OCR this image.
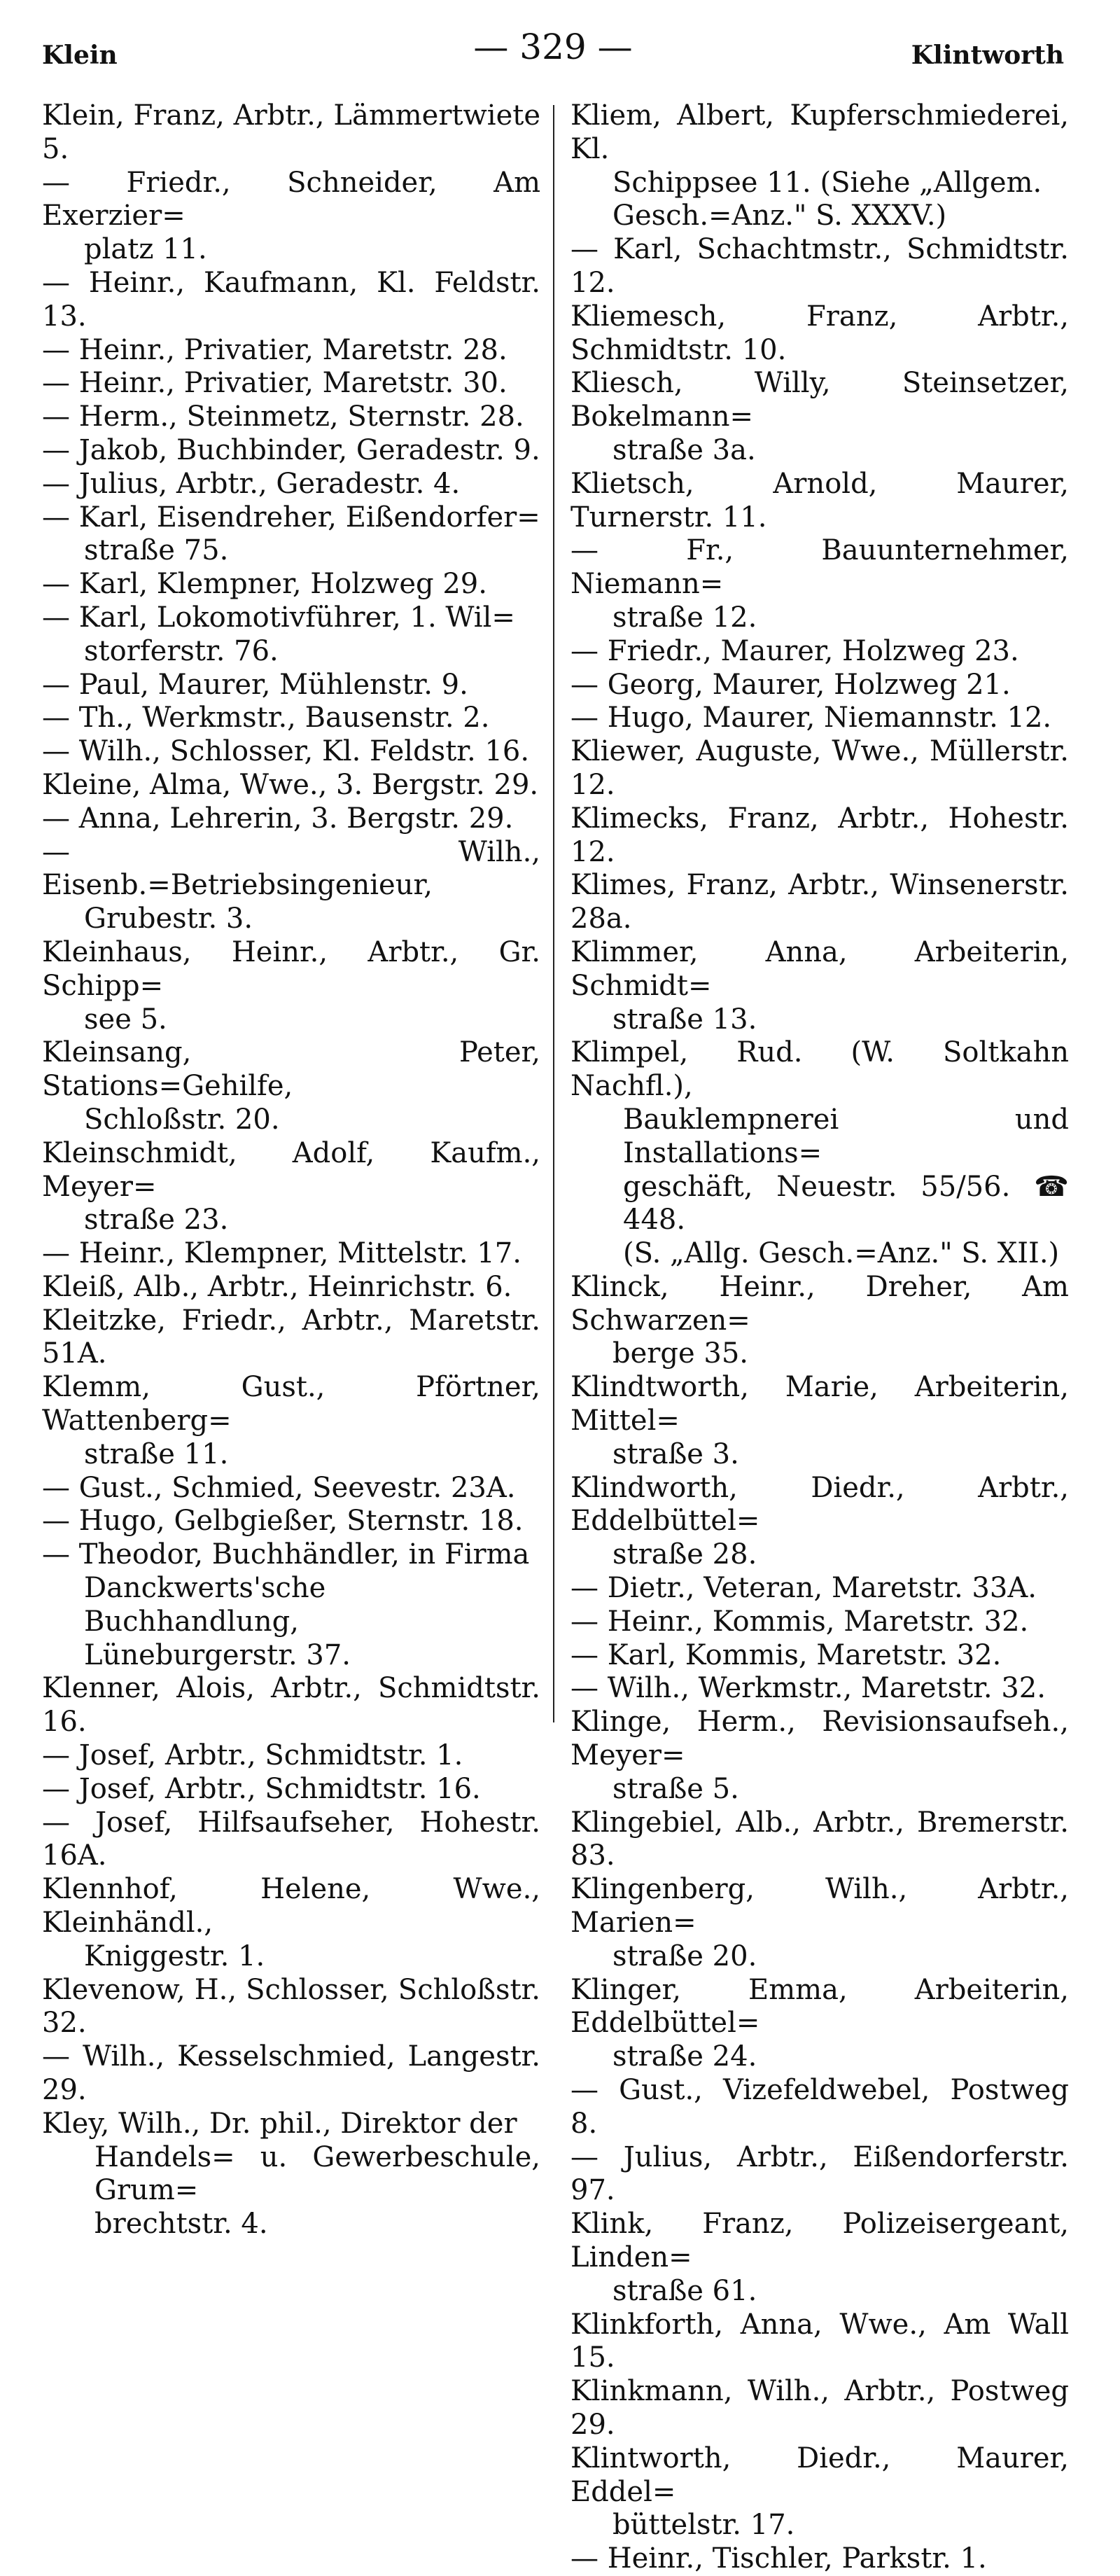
Klein	— 329 —	Klintworth
Klein, Franz, Arbtr., Lämmertwiete 5.
— Friedr., Schneider, Am Exerzier=
platz 11.
— Heinr., Kaufmann, Kl. Feldstr. 13.
— Heinr., Privatier, Maretstr. 28.
— Heinr., Privatier, Maretstr. 30.
— Herm., Steinmetz, Sternstr. 28.
— Jakob, Buchbinder, Geradestr. 9.
— Julius, Arbtr., Geradestr. 4.
— Karl, Eisendreher, Eißendorfer=
straße 75.
— Karl, Klempner, Holzweg 29.
— Karl, Lokomotivführer, 1. Wil=
storferstr. 76.
— Paul, Maurer, Mühlenstr. 9.
— Th., Werkmstr., Bausenstr. 2.
— Wilh., Schlosser, Kl. Feldstr. 16.
Kleine, Alma, Wwe., 3. Bergstr. 29.
— Anna, Lehrerin, 3. Bergstr. 29.
— Wilh., Eisenb.=Betriebsingenieur,
Grubestr. 3.
Kleinhaus, Heinr., Arbtr., Gr. Schipp=
see 5.
Kleinsang, Peter, Stations=Gehilfe,
Schloßstr. 20.
Kleinschmidt, Adolf, Kaufm., Meyer=
straße 23.
— Heinr., Klempner, Mittelstr. 17.
Kleiß, Alb., Arbtr., Heinrichstr. 6.
Kleitzke, Friedr., Arbtr., Maretstr. 51A.
Klemm, Gust., Pförtner, Wattenberg=
straße 11.
— Gust., Schmied, Seevestr. 23A.
— Hugo, Gelbgießer, Sternstr. 18.
— Theodor, Buchhändler, in Firma
Danckwerts'sche Buchhandlung,
Lüneburgerstr. 37.
Klenner, Alois, Arbtr., Schmidtstr. 16.
— Josef, Arbtr., Schmidtstr. 1.
— Josef, Arbtr., Schmidtstr. 16.
— Josef, Hilfsaufseher, Hohestr. 16A.
Klennhof, Helene, Wwe., Kleinhändl.,
Kniggestr. 1.
Klevenow, H., Schlosser, Schloßstr. 32.
— Wilh., Kesselschmied, Langestr. 29.
Kley, Wilh., Dr. phil., Direktor der
Handels= u. Gewerbeschule, Grum=
brechtstr. 4.
Kliem, Albert, Kupferschmiederei, Kl.
Schippsee 11. (Siehe „Allgem.
Gesch.=Anz." S. XXXV.)
— Karl, Schachtmstr., Schmidtstr. 12.
Kliemesch, Franz, Arbtr., Schmidtstr. 10.
Kliesch, Willy, Steinsetzer, Bokelmann=
straße 3a.
Klietsch, Arnold, Maurer, Turnerstr. 11.
— Fr., Bauunternehmer, Niemann=
straße 12.
— Friedr., Maurer, Holzweg 23.
— Georg, Maurer, Holzweg 21.
— Hugo, Maurer, Niemannstr. 12.
Kliewer, Auguste, Wwe., Müllerstr. 12.
Klimecks, Franz, Arbtr., Hohestr. 12.
Klimes, Franz, Arbtr., Winsenerstr. 28a.
Klimmer, Anna, Arbeiterin, Schmidt=
straße 13.
Klimpel, Rud. (W. Soltkahn Nachfl.),
Bauklempnerei und Installations=
geschäft, Neuestr. 55/56. ☎ 448.
(S. „Allg. Gesch.=Anz." S. XII.)
Klinck, Heinr., Dreher, Am Schwarzen=
berge 35.
Klindtworth, Marie, Arbeiterin, Mittel=
straße 3.
Klindworth, Diedr., Arbtr., Eddelbüttel=
straße 28.
— Dietr., Veteran, Maretstr. 33A.
— Heinr., Kommis, Maretstr. 32.
— Karl, Kommis, Maretstr. 32.
— Wilh., Werkmstr., Maretstr. 32.
Klinge, Herm., Revisionsaufseh., Meyer=
straße 5.
Klingebiel, Alb., Arbtr., Bremerstr. 83.
Klingenberg, Wilh., Arbtr., Marien=
straße 20.
Klinger, Emma, Arbeiterin, Eddelbüttel=
straße 24.
— Gust., Vizefeldwebel, Postweg 8.
— Julius, Arbtr., Eißendorferstr. 97.
Klink, Franz, Polizeisergeant, Linden=
straße 61.
Klinkforth, Anna, Wwe., Am Wall 15.
Klinkmann, Wilh., Arbtr., Postweg 29.
Klintworth, Diedr., Maurer, Eddel=
büttelstr. 17.
— Heinr., Tischler, Parkstr. 1.
